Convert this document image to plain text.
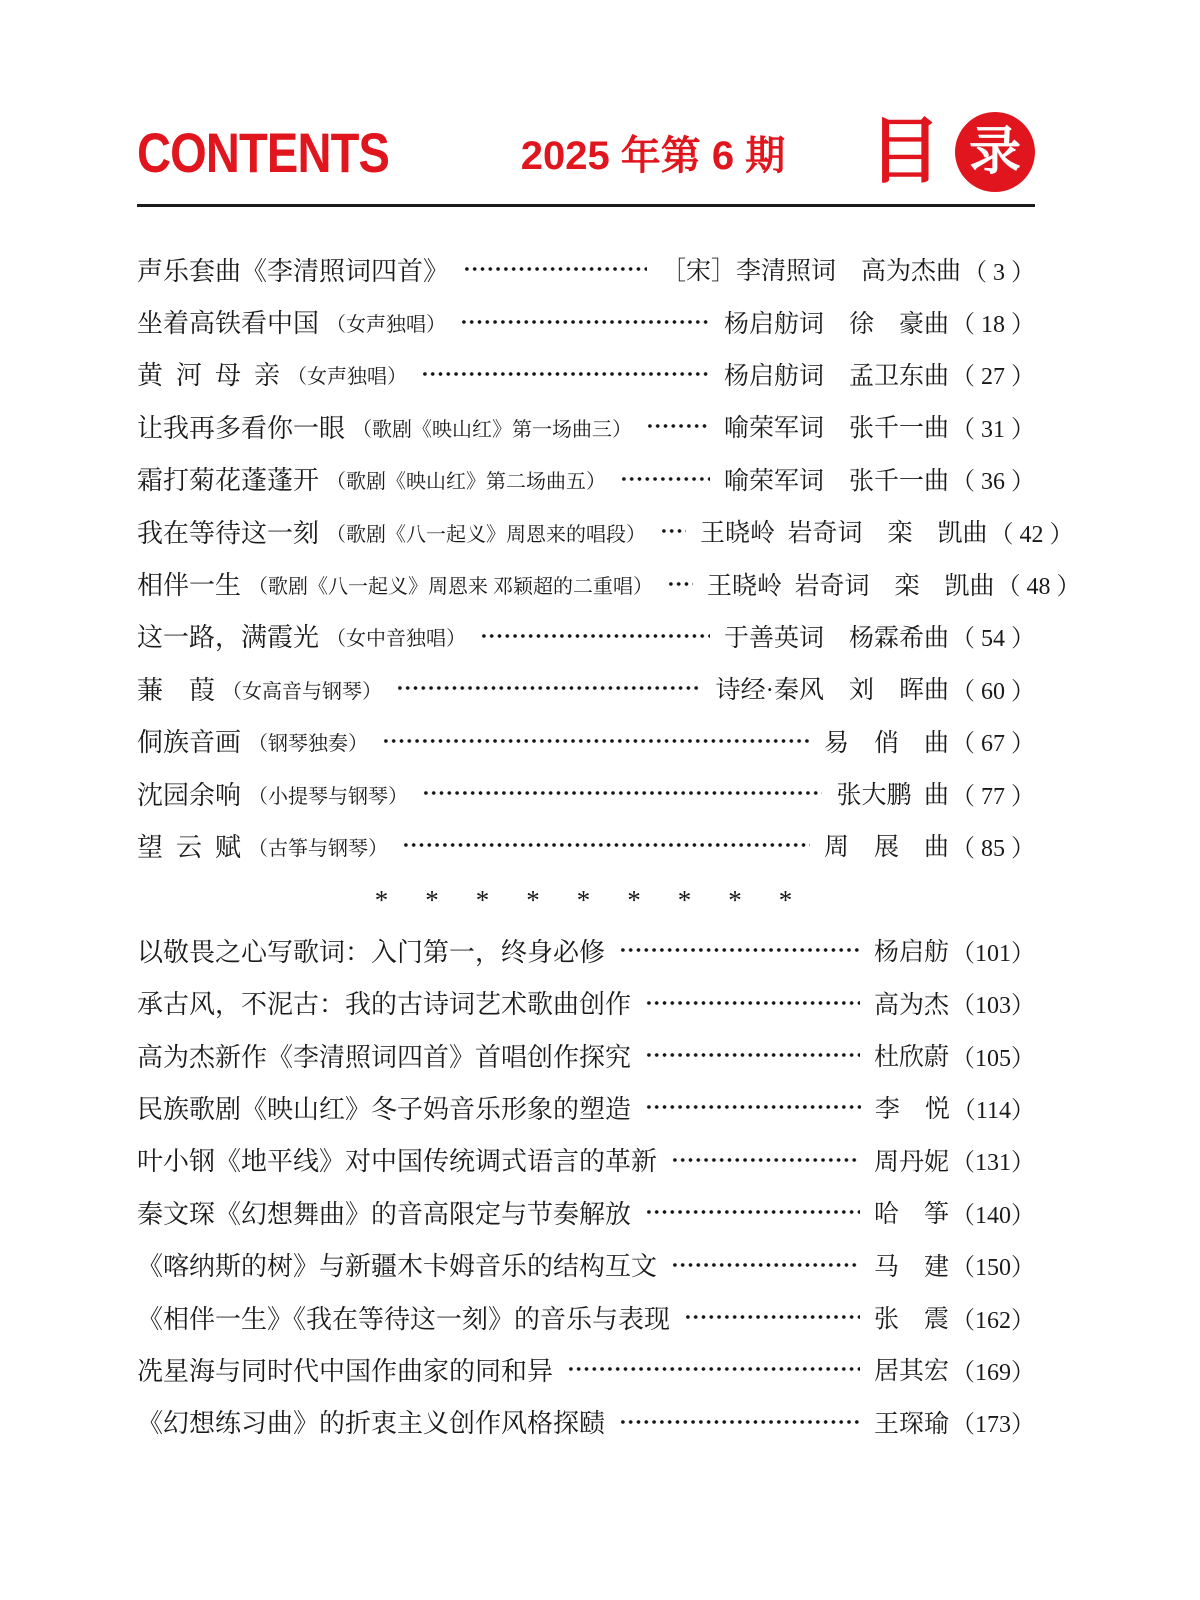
CONTENTS	2025 年第 6 期 目 录
声乐套曲《李清照词四首》	［宋］李清照词　高为杰曲 （ 3 ）
坐着高铁看中国 （女声独唱）	杨启舫词　徐　豪曲 （ 18 ）
黄  河  母  亲 （女声独唱）	杨启舫词　孟卫东曲 （ 27 ）
让我再多看你一眼 （歌剧《映山红》第一场曲三）	喻荣军词　张千一曲 （ 31 ）
霜打菊花蓬蓬开 （歌剧《映山红》第二场曲五）	喻荣军词　张千一曲 （ 36 ）
我在等待这一刻 （歌剧《八一起义》周恩来的唱段） 王晓岭  岩奇词　栾　凯曲 （ 42 ）
相伴一生 （歌剧《八一起义》周恩来 邓颖超的二重唱） 王晓岭  岩奇词　栾　凯曲 （ 48 ）
这一路，满霞光 （女中音独唱）	于善英词　杨霖希曲 （ 54 ）
蒹　葭 （女高音与钢琴）	诗经·秦风　刘　晖曲 （ 60 ）
侗族音画 （钢琴独奏）	易　俏　曲 （ 67 ）
沈园余响 （小提琴与钢琴）	张大鹏  曲 （ 77 ）
望  云  赋 （古筝与钢琴）	周　展　曲 （ 85 ）
*　*　*　*　*　*　*　*　*
以敬畏之心写歌词：入门第一，终身必修	杨启舫 （101）
承古风，不泥古：我的古诗词艺术歌曲创作	高为杰 （103）
高为杰新作《李清照词四首》首唱创作探究	杜欣蔚 （105）
民族歌剧《映山红》冬子妈音乐形象的塑造	李　悦 （114）
叶小钢《地平线》对中国传统调式语言的革新	周丹妮 （131）
秦文琛《幻想舞曲》的音高限定与节奏解放	哈　筝 （140）
《喀纳斯的树》与新疆木卡姆音乐的结构互文	马　建 （150）
《相伴一生》《我在等待这一刻》的音乐与表现	张　震 （162）
冼星海与同时代中国作曲家的同和异	居其宏 （169）
《幻想练习曲》的折衷主义创作风格探赜	王琛瑜 （173）
